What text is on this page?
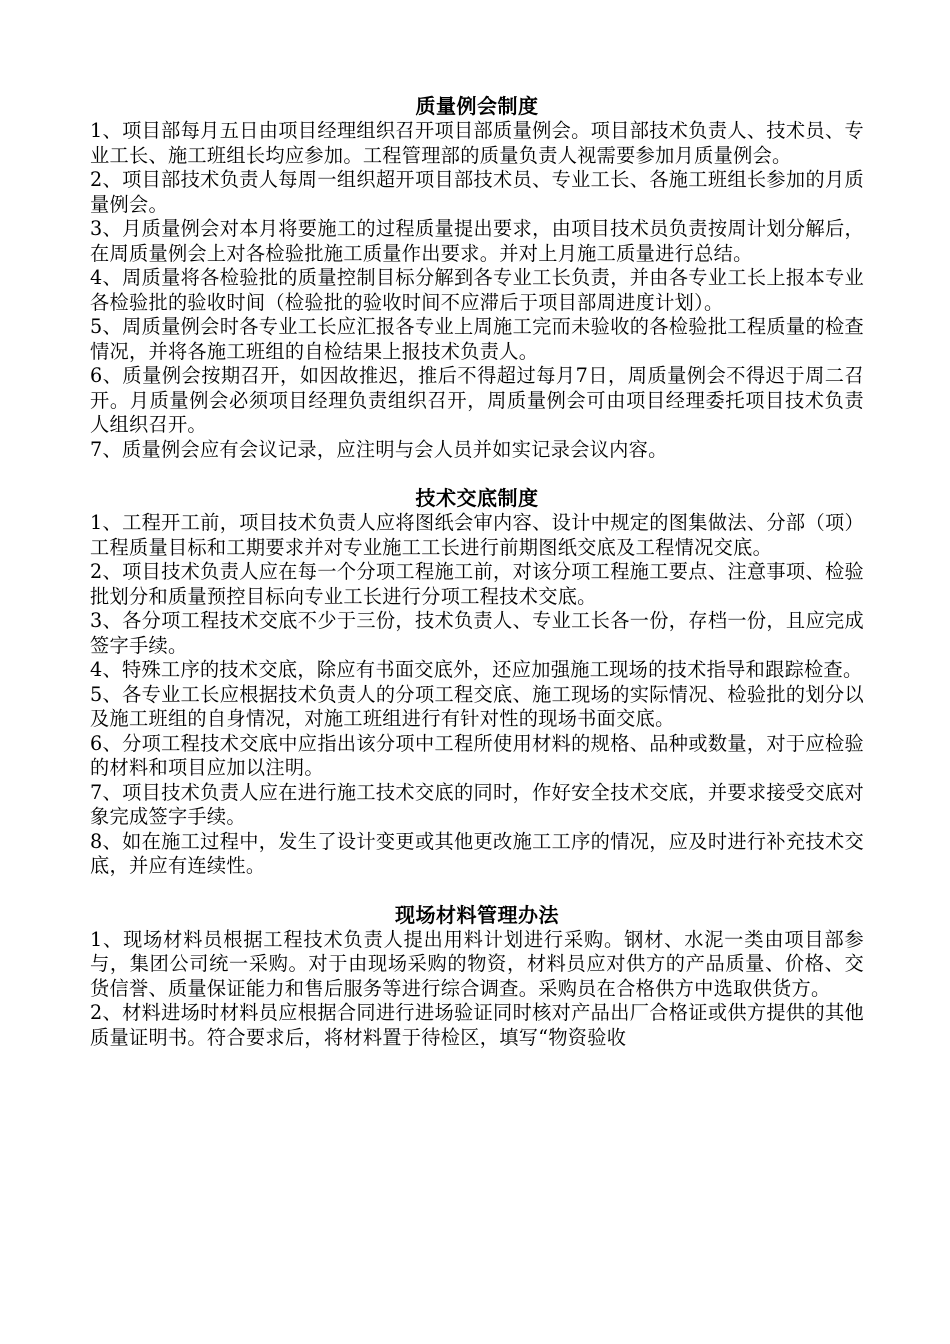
质量例会制度

1、项目部每月五日由项目经理组织召开项目部质量例会。项目部技术负责人、技术员、专业工长、施工班组长均应参加。工程管理部的质量负责人视需要参加月质量例会。

2、项目部技术负责人每周一组织超开项目部技术员、专业工长、各施工班组长参加的月质量例会。

3、月质量例会对本月将要施工的过程质量提出要求，由项目技术员负责按周计划分解后，在周质量例会上对各检验批施工质量作出要求。并对上月施工质量进行总结。

4、周质量将各检验批的质量控制目标分解到各专业工长负责，并由各专业工长上报本专业各检验批的验收时间（检验批的验收时间不应滞后于项目部周进度计划）。

5、周质量例会时各专业工长应汇报各专业上周施工完而未验收的各检验批工程质量的检查情况，并将各施工班组的自检结果上报技术负责人。

6、质量例会按期召开，如因故推迟，推后不得超过每月7日，周质量例会不得迟于周二召开。月质量例会必须项目经理负责组织召开，周质量例会可由项目经理委托项目技术负责人组织召开。

7、质量例会应有会议记录，应注明与会人员并如实记录会议内容。

技术交底制度

1、工程开工前，项目技术负责人应将图纸会审内容、设计中规定的图集做法、分部（项）工程质量目标和工期要求并对专业施工工长进行前期图纸交底及工程情况交底。

2、项目技术负责人应在每一个分项工程施工前，对该分项工程施工要点、注意事项、检验批划分和质量预控目标向专业工长进行分项工程技术交底。

3、各分项工程技术交底不少于三份，技术负责人、专业工长各一份，存档一份，且应完成签字手续。

4、特殊工序的技术交底，除应有书面交底外，还应加强施工现场的技术指导和跟踪检查。

5、各专业工长应根据技术负责人的分项工程交底、施工现场的实际情况、检验批的划分以及施工班组的自身情况，对施工班组进行有针对性的现场书面交底。

6、分项工程技术交底中应指出该分项中工程所使用材料的规格、品种或数量，对于应检验的材料和项目应加以注明。

7、项目技术负责人应在进行施工技术交底的同时，作好安全技术交底，并要求接受交底对象完成签字手续。

8、如在施工过程中，发生了设计变更或其他更改施工工序的情况，应及时进行补充技术交底，并应有连续性。

现场材料管理办法

1、现场材料员根据工程技术负责人提出用料计划进行采购。钢材、水泥一类由项目部参与，集团公司统一采购。对于由现场采购的物资，材料员应对供方的产品质量、价格、交货信誉、质量保证能力和售后服务等进行综合调查。采购员在合格供方中选取供货方。

2、材料进场时材料员应根据合同进行进场验证同时核对产品出厂合格证或供方提供的其他质量证明书。符合要求后，将材料置于待检区，填写“物资验收
